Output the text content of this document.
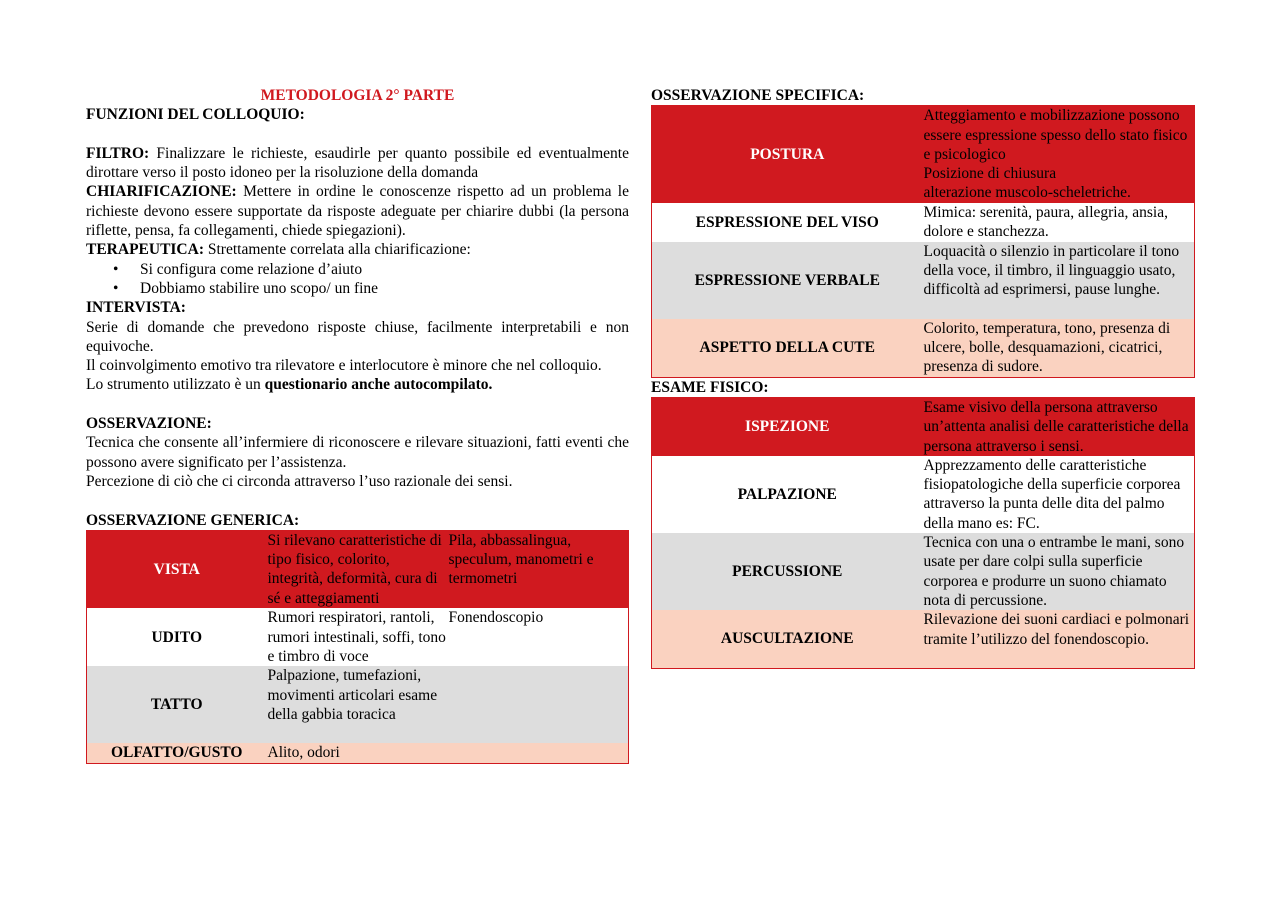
METODOLOGIA 2° PARTE
FUNZIONI DEL COLLOQUIO:
FILTRO: Finalizzare le richieste, esaudirle per quanto possibile ed eventualmente dirottare verso il posto idoneo per la risoluzione della domanda
CHIARIFICAZIONE: Mettere in ordine le conoscenze rispetto ad un problema le richieste devono essere supportate da risposte adeguate per chiarire dubbi (la persona riflette, pensa, fa collegamenti, chiede spiegazioni).
TERAPEUTICA: Strettamente correlata alla chiarificazione:
• Si configura come relazione d’aiuto
• Dobbiamo stabilire uno scopo/ un fine
INTERVISTA:
Serie di domande che prevedono risposte chiuse, facilmente interpretabili e non equivoche.
Il coinvolgimento emotivo tra rilevatore e interlocutore è minore che nel colloquio.
Lo strumento utilizzato è un questionario anche autocompilato.
OSSERVAZIONE:
Tecnica che consente all’infermiere di riconoscere e rilevare situazioni, fatti eventi che possono avere significato per l’assistenza.
Percezione di ciò che ci circonda attraverso l’uso razionale dei sensi.
OSSERVAZIONE GENERICA:
VISTA	Si rilevano caratteristiche di tipo fisico, colorito, integrità, deformità, cura di sé e atteggiamenti	Pila, abbassalingua, speculum, manometri e termometri
UDITO	Rumori respiratori, rantoli, rumori intestinali, soffi, tono e timbro di voce	Fonendoscopio
TATTO	Palpazione, tumefazioni, movimenti articolari esame della gabbia toracica	
OLFATTO/GUSTO	Alito, odori	
OSSERVAZIONE SPECIFICA:
POSTURA	Atteggiamento e mobilizzazione possono essere espressione spesso dello stato fisico e psicologico
Posizione di chiusura
alterazione muscolo-scheletriche.

ESPRESSIONE DEL VISO	Mimica: serenità, paura, allegria, ansia, dolore e stanchezza.
ESPRESSIONE VERBALE	Loquacità o silenzio in particolare il tono della voce, il timbro, il linguaggio usato, difficoltà ad esprimersi, pause lunghe.
ASPETTO DELLA CUTE	Colorito, temperatura, tono, presenza di ulcere, bolle, desquamazioni, cicatrici, presenza di sudore.
ESAME FISICO:
ISPEZIONE	Esame visivo della persona attraverso un’attenta analisi delle caratteristiche della persona attraverso i sensi.
PALPAZIONE	Apprezzamento delle caratteristiche fisiopatologiche della superficie corporea attraverso la punta delle dita del palmo della mano es: FC.
PERCUSSIONE	Tecnica con una o entrambe le mani, sono usate per dare colpi sulla superficie corporea e produrre un suono chiamato nota di percussione.
AUSCULTAZIONE	Rilevazione dei suoni cardiaci e polmonari tramite l’utilizzo del fonendoscopio.
